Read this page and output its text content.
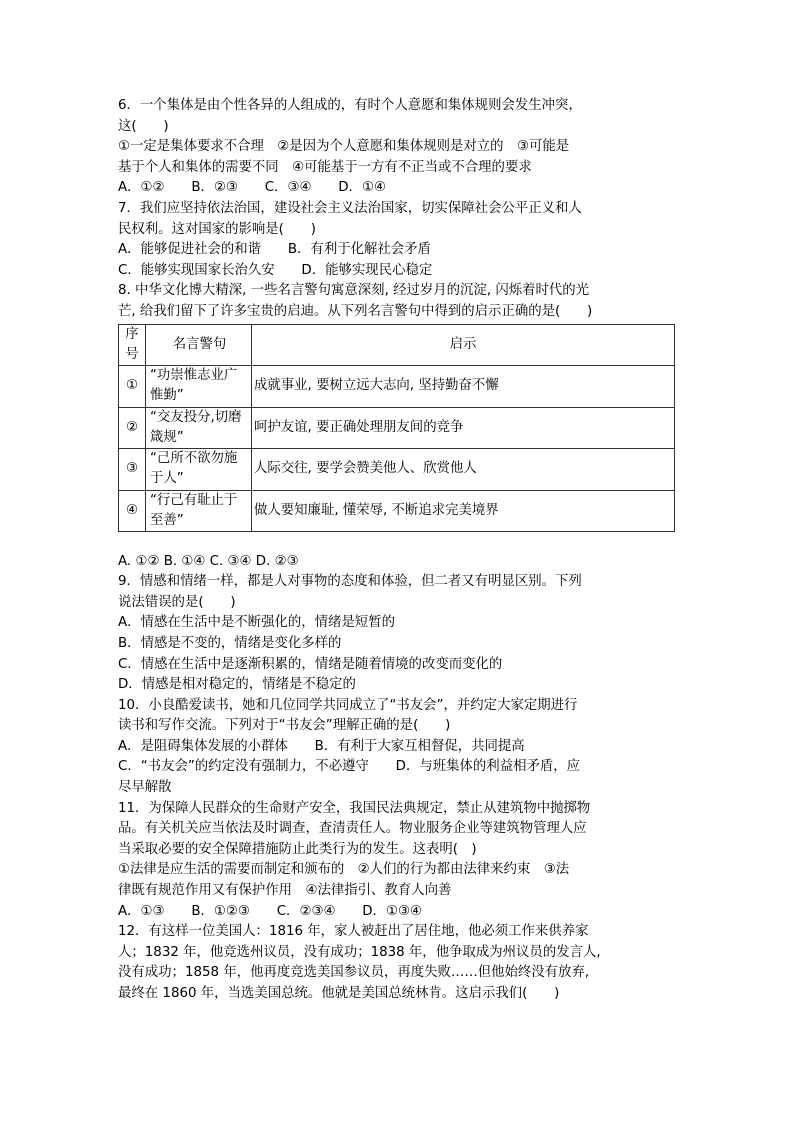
6．一个集体是由个性各异的人组成的，有时个人意愿和集体规则会发生冲突，
这(　　)
①一定是集体要求不合理　②是因为个人意愿和集体规则是对立的　③可能是
基于个人和集体的需要不同　④可能基于一方有不正当或不合理的要求
A．①②　　B．②③　　C．③④　　D．①④
7．我们应坚持依法治国，建设社会主义法治国家，切实保障社会公平正义和人
民权利。这对国家的影响是(　　)
A．能够促进社会的和谐　　B．有利于化解社会矛盾
C．能够实现国家长治久安　　D．能够实现民心稳定
8. 中华文化博大精深, 一些名言警句寓意深刻, 经过岁月的沉淀, 闪烁着时代的光
芒, 给我们留下了许多宝贵的启迪。从下列名言警句中得到的启示正确的是(　　)
序号	名言警句	启示
①	“功崇惟志业广惟勤”	成就事业, 要树立远大志向, 坚持勤奋不懈
②	“交友投分,切磨箴规”	呵护友谊, 要正确处理朋友间的竞争
③	“己所不欲勿施于人”	人际交往, 要学会赞美他人、欣赏他人
④	“行己有耻止于至善”	做人要知廉耻, 懂荣辱, 不断追求完美境界
A. ①② B. ①④ C. ③④ D. ②③
9．情感和情绪一样，都是人对事物的态度和体验，但二者又有明显区别。下列
说法错误的是(　　)
A．情感在生活中是不断强化的，情绪是短暂的
B．情感是不变的，情绪是变化多样的
C．情感在生活中是逐渐积累的，情绪是随着情境的改变而变化的
D．情感是相对稳定的，情绪是不稳定的
10．小良酷爱读书，她和几位同学共同成立了“书友会”，并约定大家定期进行
读书和写作交流。下列对于“书友会”理解正确的是(　　)
A．是阻碍集体发展的小群体　　B．有利于大家互相督促，共同提高
C．“书友会”的约定没有强制力，不必遵守　　D．与班集体的利益相矛盾，应
尽早解散
11．为保障人民群众的生命财产安全，我国民法典规定，禁止从建筑物中抛掷物
品。有关机关应当依法及时调查，查清责任人。物业服务企业等建筑物管理人应
当采取必要的安全保障措施防止此类行为的发生。这表明(　)
①法律是应生活的需要而制定和颁布的　②人们的行为都由法律来约束　③法
律既有规范作用又有保护作用　④法律指引、教育人向善
A．①③　　B．①②③　　C．②③④　　D．①③④
12．有这样一位美国人：1816 年，家人被赶出了居住地，他必须工作来供养家
人；1832 年，他竞选州议员，没有成功；1838 年，他争取成为州议员的发言人,
没有成功；1858 年，他再度竞选美国参议员，再度失败……但他始终没有放弃,
最终在 1860 年，当选美国总统。他就是美国总统林肯。这启示我们(　　)
